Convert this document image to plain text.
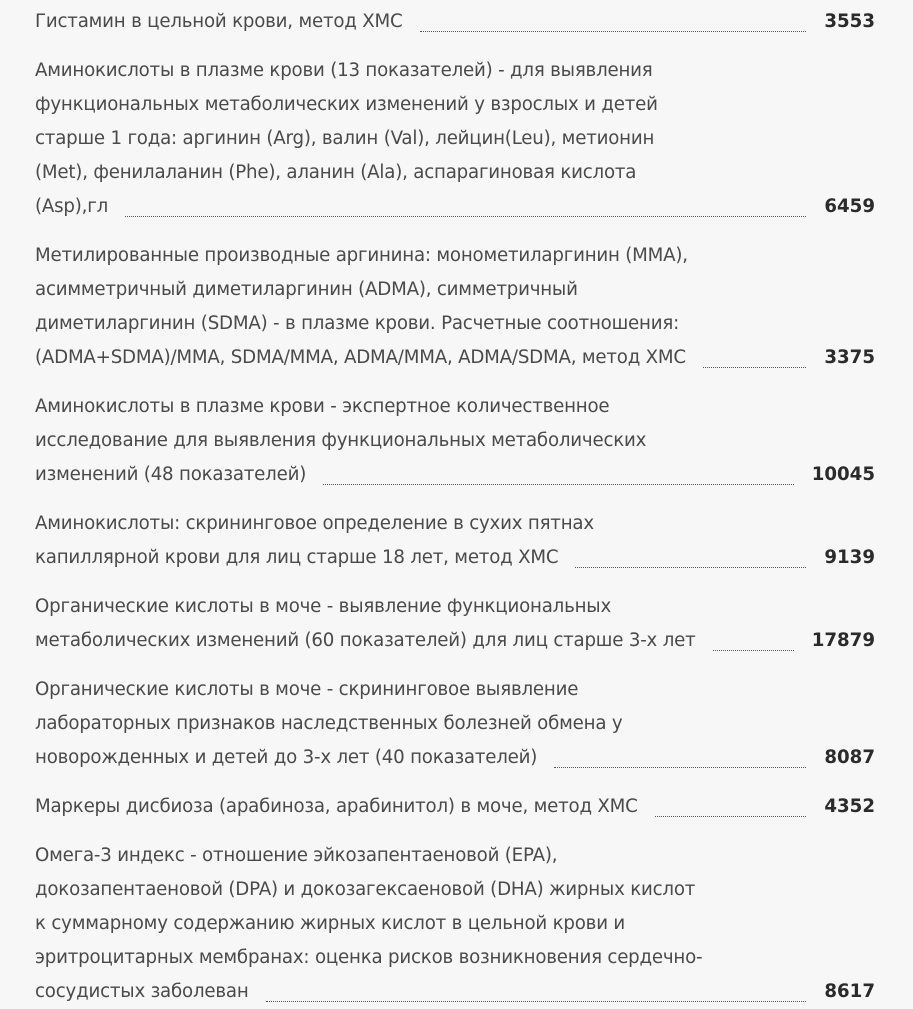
Гистамин в цельной крови, метод ХМС	3553
Аминокислоты в плазме крови (13 показателей) - для выявления функциональных метаболических изменений у взрослых и детей старше 1 года: аргинин (Arg), валин (Val), лейцин(Leu), метионин (Met), фенилаланин (Phe), аланин (Ala), аспарагиновая кислота (Asp),гл	6459
Метилированные производные аргинина: монометиларгинин (MMA), асимметричный диметиларгинин (ADMA), симметричный диметиларгинин (SDMA) - в плазме крови. Расчетные соотношения: (ADMA+SDMA)/MMA, SDMA/MMA, ADMA/MMA, ADMA/SDMA, метод ХМС	3375
Аминокислоты в плазме крови - экспертное количественное исследование для выявления функциональных метаболических изменений (48 показателей)	10045
Аминокислоты: скрининговое определение в сухих пятнах капиллярной крови для лиц старше 18 лет, метод ХМС	9139
Органические кислоты в моче - выявление функциональных метаболических изменений (60 показателей) для лиц старше 3-х лет	17879
Органические кислоты в моче - скрининговое выявление лабораторных признаков наследственных болезней обмена у новорожденных и детей до 3-х лет (40 показателей)	8087
Маркеры дисбиоза (арабиноза, арабинитол) в моче, метод ХМС	4352
Омега-3 индекс - отношение эйкозапентаеновой (EPA), докозапентаеновой (DPA) и докозагексаеновой (DHA) жирных кислот к суммарному содержанию жирных кислот в цельной крови и эритроцитарных мембранах: оценка рисков возникновения сердечно-сосудистых заболеван	8617
